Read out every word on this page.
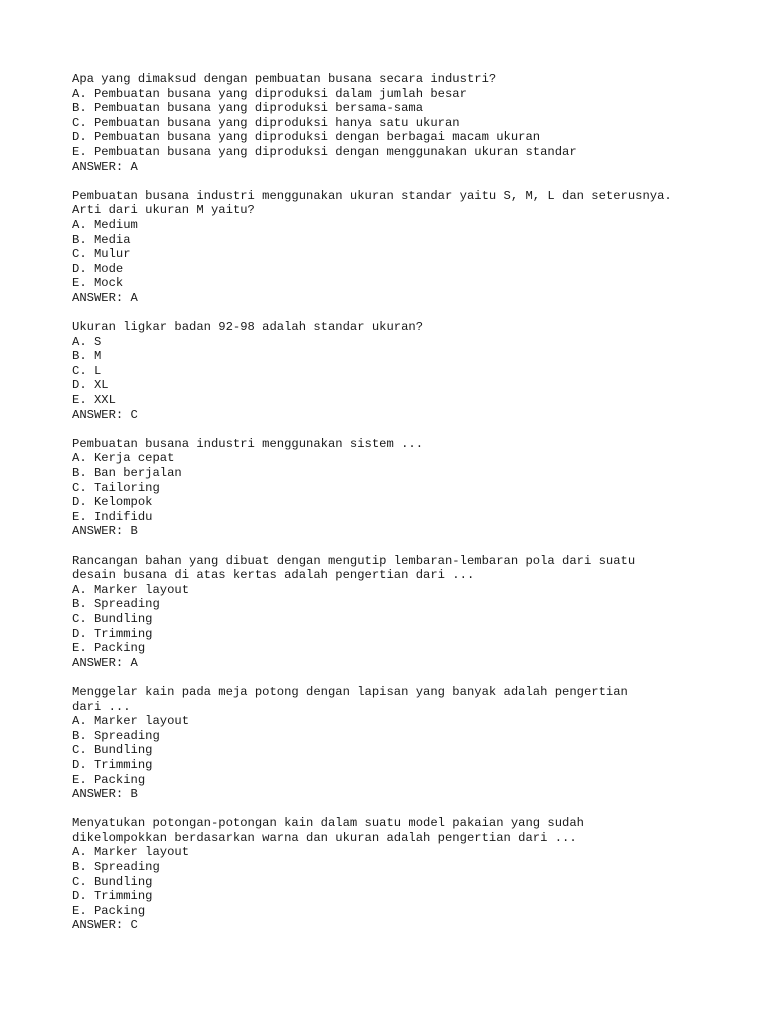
Apa yang dimaksud dengan pembuatan busana secara industri?
A. Pembuatan busana yang diproduksi dalam jumlah besar
B. Pembuatan busana yang diproduksi bersama-sama
C. Pembuatan busana yang diproduksi hanya satu ukuran
D. Pembuatan busana yang diproduksi dengan berbagai macam ukuran
E. Pembuatan busana yang diproduksi dengan menggunakan ukuran standar
ANSWER: A
Pembuatan busana industri menggunakan ukuran standar yaitu S, M, L dan seterusnya.
Arti dari ukuran M yaitu?
A. Medium
B. Media
C. Mulur
D. Mode
E. Mock
ANSWER: A
Ukuran ligkar badan 92-98 adalah standar ukuran?
A. S
B. M
C. L
D. XL
E. XXL
ANSWER: C
Pembuatan busana industri menggunakan sistem ...
A. Kerja cepat
B. Ban berjalan
C. Tailoring
D. Kelompok
E. Indifidu
ANSWER: B
Rancangan bahan yang dibuat dengan mengutip lembaran-lembaran pola dari suatu
desain busana di atas kertas adalah pengertian dari ...
A. Marker layout
B. Spreading
C. Bundling
D. Trimming
E. Packing
ANSWER: A
Menggelar kain pada meja potong dengan lapisan yang banyak adalah pengertian
dari ...
A. Marker layout
B. Spreading
C. Bundling
D. Trimming
E. Packing
ANSWER: B
Menyatukan potongan-potongan kain dalam suatu model pakaian yang sudah
dikelompokkan berdasarkan warna dan ukuran adalah pengertian dari ...
A. Marker layout
B. Spreading
C. Bundling
D. Trimming
E. Packing
ANSWER: C
